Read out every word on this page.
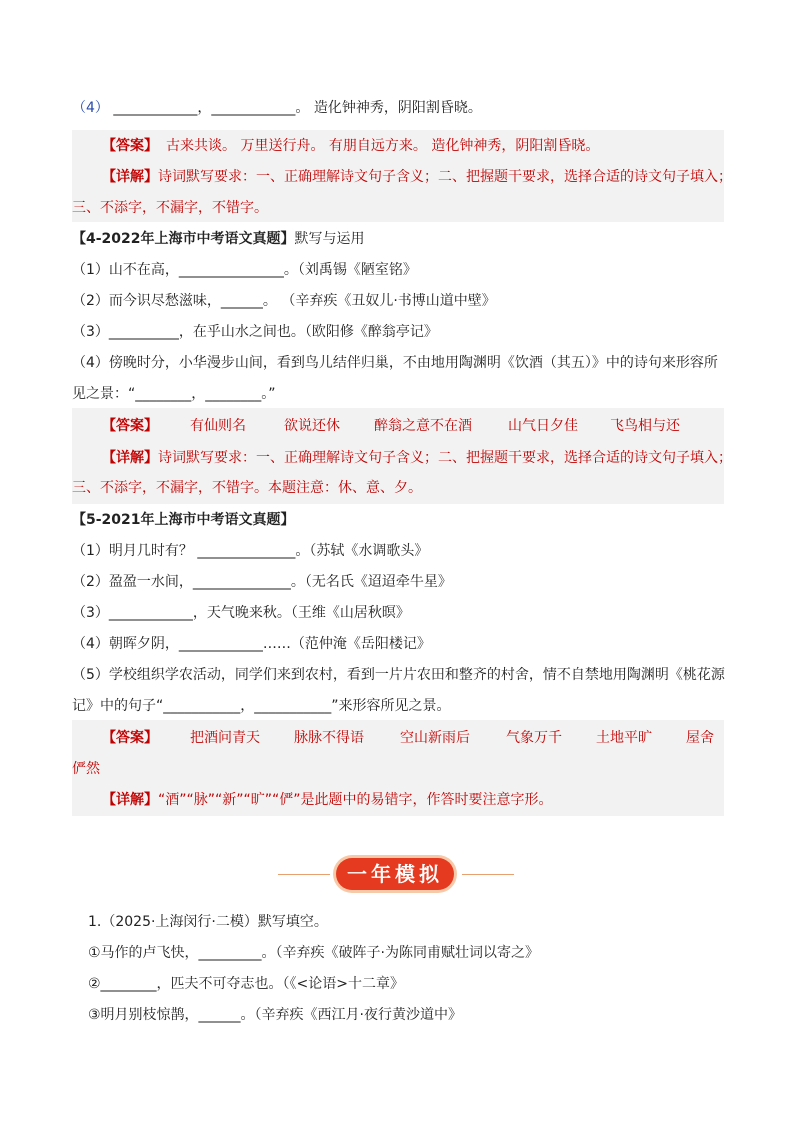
（4） ____________，____________。 造化钟神秀，阴阳割昏晓。
【答案】 古来共谈。 万里送行舟。 有朋自远方来。 造化钟神秀，阴阳割昏晓。
【详解】诗词默写要求：一、正确理解诗文句子含义；二、把握题干要求，选择合适的诗文句子填入；
三、不添字，不漏字，不错字。
【4-2022年上海市中考语文真题】默写与运用
（1）山不在高，_______________。（刘禹锡《陋室铭》
（2）而今识尽愁滋味，______。 （辛弃疾《丑奴儿·书博山道中壁》
（3）__________，在乎山水之间也。（欧阳修《醉翁亭记》
（4）傍晚时分，小华漫步山间，看到鸟儿结伴归巢，不由地用陶渊明《饮酒（其五）》中的诗句来形容所
见之景：“________，________。”
【答案】 有仙则名	欲说还休 醉翁之意不在酒	山气日夕佳 飞鸟相与还
【详解】诗词默写要求：一、正确理解诗文句子含义；二、把握题干要求，选择合适的诗文句子填入；
三、不添字，不漏字，不错字。本题注意：休、意、夕。
【5-2021年上海市中考语文真题】
（1）明月几时有？ ______________。（苏轼《水调歌头》
（2）盈盈一水间，______________。（无名氏《迢迢牵牛星》
（3）____________，天气晚来秋。（王维《山居秋暝》
（4）朝晖夕阴，____________……（范仲淹《岳阳楼记》
（5）学校组织学农活动，同学们来到农村，看到一片片农田和整齐的村舍，情不自禁地用陶渊明《桃花源
记》中的句子“___________，___________”来形容所见之景。
【答案】 把酒问青天 脉脉不得语	空山新雨后	气象万千 土地平旷 屋舍
俨然
【详解】“酒”“脉”“新”“旷”“俨”是此题中的易错字，作答时要注意字形。
一年模拟
1.（2025·上海闵行·二模）默写填空。
①马作的卢飞快，_________。（辛弃疾《破阵子·为陈同甫赋壮词以寄之》
②________，匹夫不可夺志也。（《<论语>十二章》
③明月别枝惊鹊，______。（辛弃疾《西江月·夜行黄沙道中》
